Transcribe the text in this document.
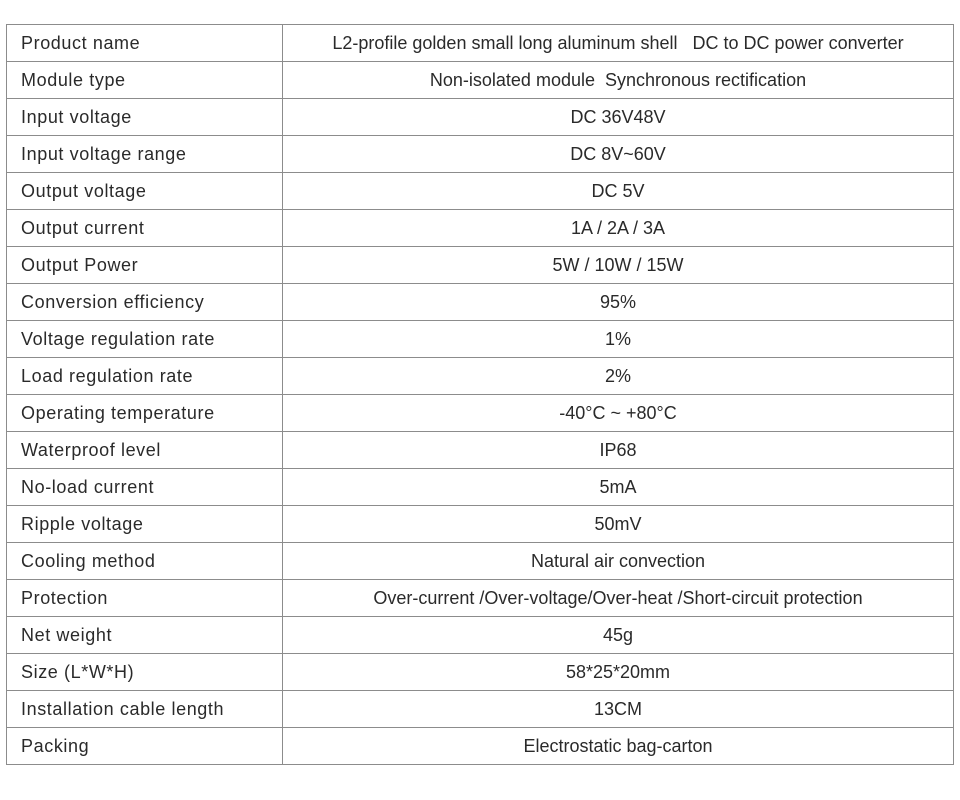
Product name	L2-profile golden small long aluminum shell   DC to DC power converter
Module type	Non-isolated module  Synchronous rectification
Input voltage	DC 36V48V
Input voltage range	DC 8V~60V
Output voltage	DC 5V
Output current	1A / 2A / 3A
Output Power	5W / 10W / 15W
Conversion efficiency	95%
Voltage regulation rate	1%
Load regulation rate	2%
Operating temperature	-40°C ~ +80°C
Waterproof level	IP68
No-load current	5mA
Ripple voltage	50mV
Cooling method	Natural air convection
Protection	Over-current /Over-voltage/Over-heat /Short-circuit protection
Net weight	45g
Size (L*W*H)	58*25*20mm
Installation cable length	13CM
Packing	Electrostatic bag-carton
